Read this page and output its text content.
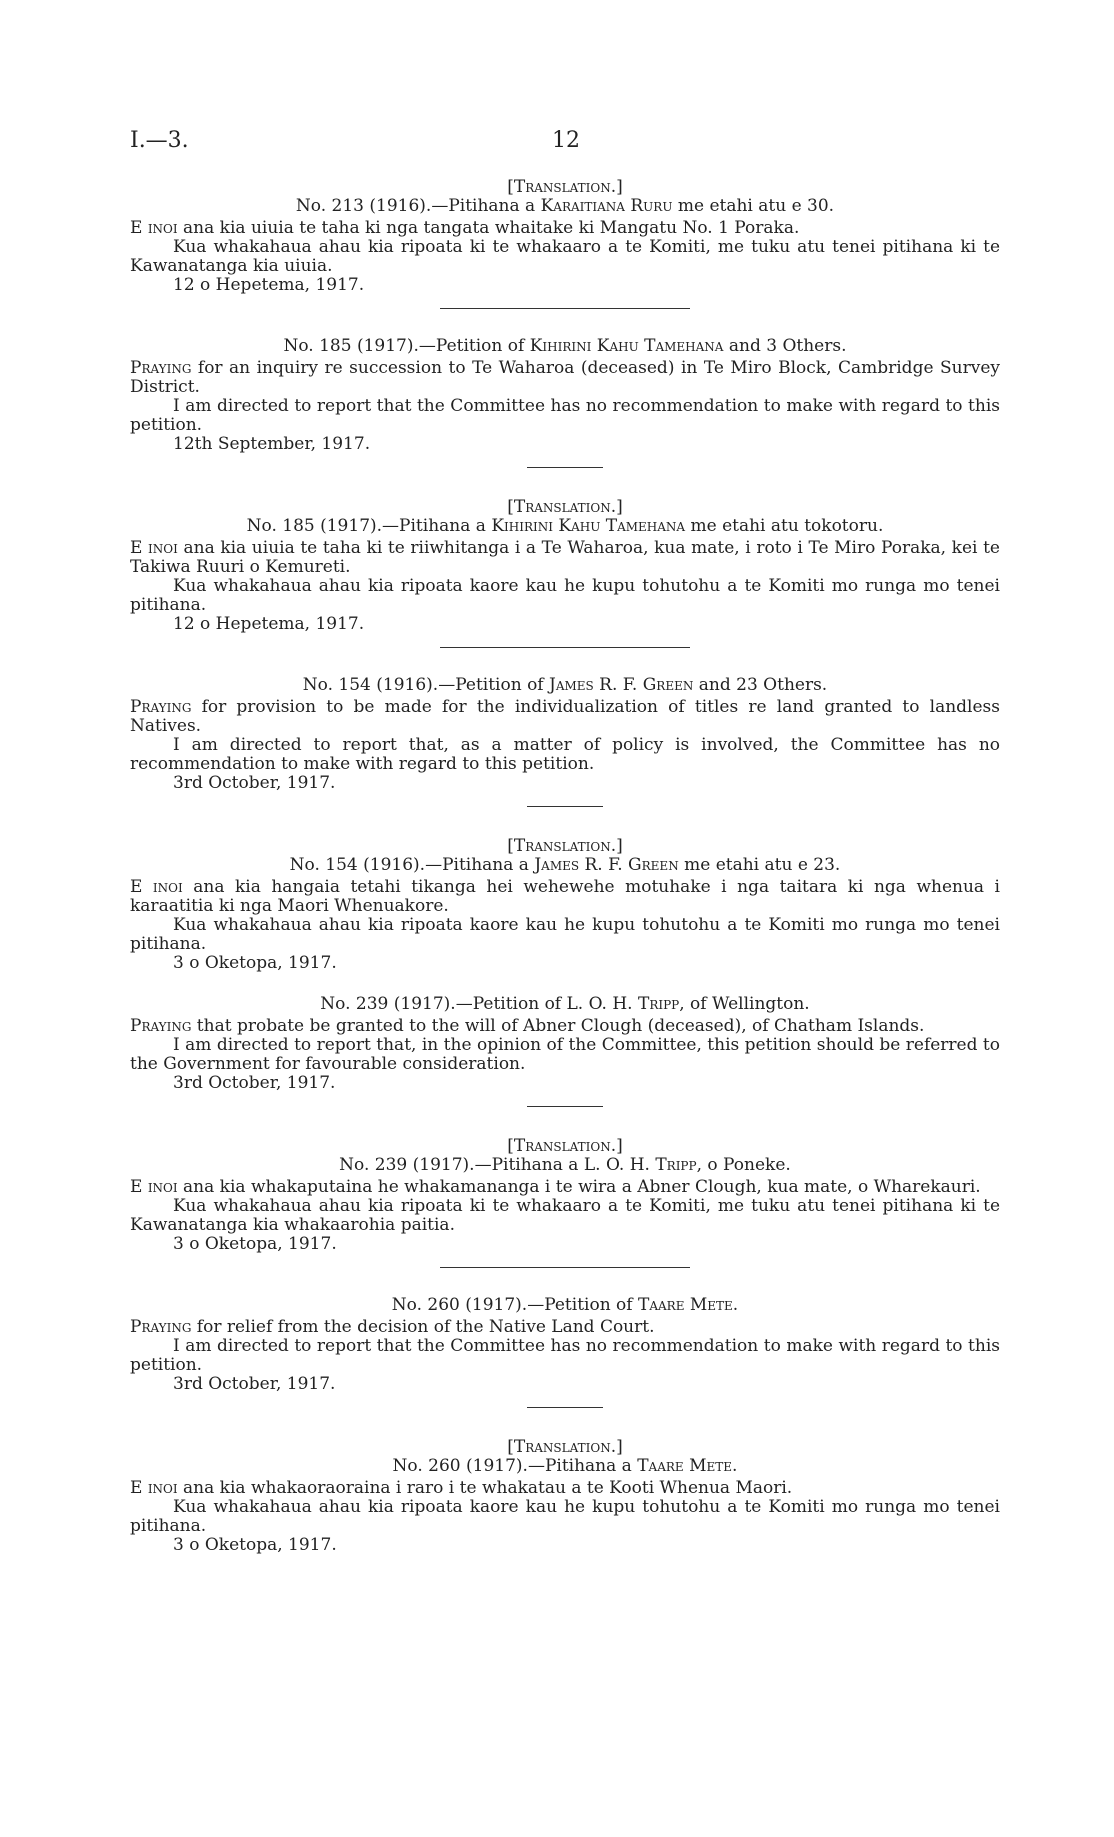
I.—3.	12

[Translation.]

No. 213 (1916).—Pitihana a Karaitiana Ruru me etahi atu e 30.

E inoi ana kia uiuia te taha ki nga tangata whaitake ki Mangatu No. 1 Poraka.

Kua whakahaua ahau kia ripoata ki te whakaaro a te Komiti, me tuku atu tenei pitihana ki te Kawanatanga kia uiuia.

12 o Hepetema, 1917.

No. 185 (1917).—Petition of Kihirini Kahu Tamehana and 3 Others.

Praying for an inquiry re succession to Te Waharoa (deceased) in Te Miro Block, Cambridge Survey District.

I am directed to report that the Committee has no recommendation to make with regard to this petition.

12th September, 1917.

[Translation.]

No. 185 (1917).—Pitihana a Kihirini Kahu Tamehana me etahi atu tokotoru.

E inoi ana kia uiuia te taha ki te riiwhitanga i a Te Waharoa, kua mate, i roto i Te Miro Poraka, kei te Takiwa Ruuri o Kemureti.

Kua whakahaua ahau kia ripoata kaore kau he kupu tohutohu a te Komiti mo runga mo tenei pitihana.

12 o Hepetema, 1917.

No. 154 (1916).—Petition of James R. F. Green and 23 Others.

Praying for provision to be made for the individualization of titles re land granted to landless Natives.

I am directed to report that, as a matter of policy is involved, the Committee has no recommendation to make with regard to this petition.

3rd October, 1917.

[Translation.]

No. 154 (1916).—Pitihana a James R. F. Green me etahi atu e 23.

E inoi ana kia hangaia tetahi tikanga hei wehewehe motuhake i nga taitara ki nga whenua i karaatitia ki nga Maori Whenuakore.

Kua whakahaua ahau kia ripoata kaore kau he kupu tohutohu a te Komiti mo runga mo tenei pitihana.

3 o Oketopa, 1917.

No. 239 (1917).—Petition of L. O. H. Tripp, of Wellington.

Praying that probate be granted to the will of Abner Clough (deceased), of Chatham Islands.

I am directed to report that, in the opinion of the Committee, this petition should be referred to the Government for favourable consideration.

3rd October, 1917.

[Translation.]

No. 239 (1917).—Pitihana a L. O. H. Tripp, o Poneke.

E inoi ana kia whakaputaina he whakamananga i te wira a Abner Clough, kua mate, o Wharekauri.

Kua whakahaua ahau kia ripoata ki te whakaaro a te Komiti, me tuku atu tenei pitihana ki te Kawanatanga kia whakaarohia paitia.

3 o Oketopa, 1917.

No. 260 (1917).—Petition of Taare Mete.

Praying for relief from the decision of the Native Land Court.

I am directed to report that the Committee has no recommendation to make with regard to this petition.

3rd October, 1917.

[Translation.]

No. 260 (1917).—Pitihana a Taare Mete.

E inoi ana kia whakaoraoraina i raro i te whakatau a te Kooti Whenua Maori.

Kua whakahaua ahau kia ripoata kaore kau he kupu tohutohu a te Komiti mo runga mo tenei pitihana.

3 o Oketopa, 1917.
